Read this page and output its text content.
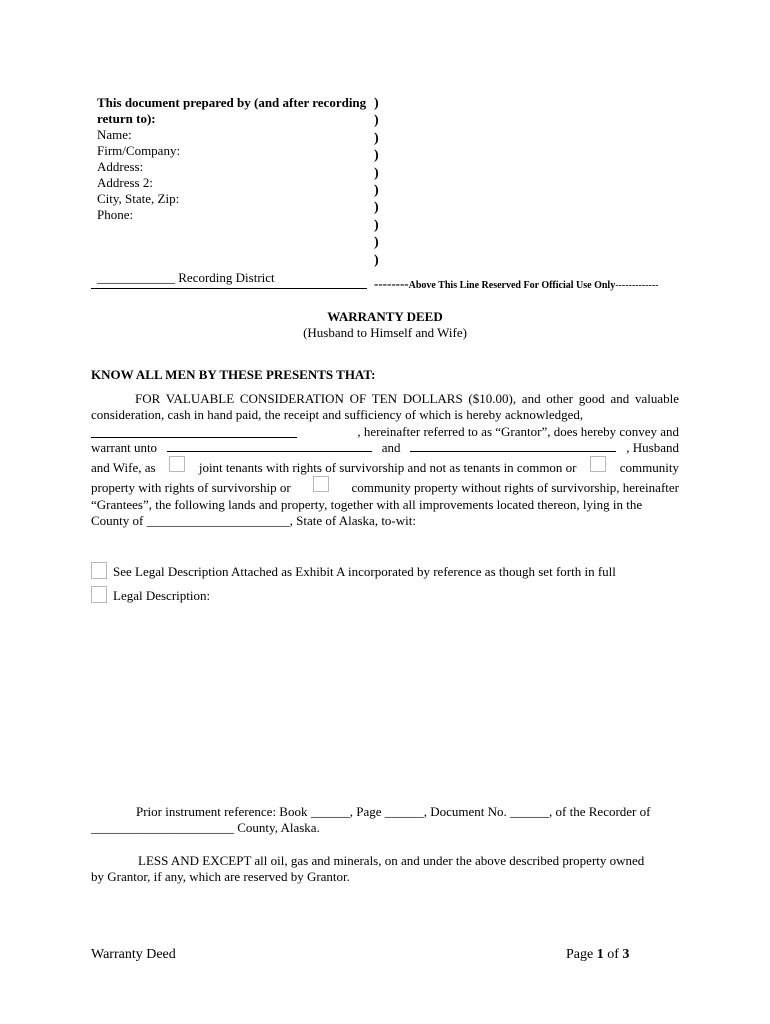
This document prepared by (and after recording
return to):
Name:
Firm/Company:
Address:
Address 2:
City, State, Zip:
Phone:
)
)
)
)
)
)
)
)
)
)
____________ Recording District	--------Above This Line Reserved For Official Use Only-------------
WARRANTY DEED
(Husband to Himself and Wife)
KNOW ALL MEN BY THESE PRESENTS THAT:

FOR VALUABLE CONSIDERATION OF TEN DOLLARS ($10.00), and other good and valuable consideration, cash in hand paid, the receipt and sufficiency of which is hereby acknowledged,

, hereinafter referred to as “Grantor”, does hereby convey and

warrant unto	and	, Husband

and Wife, as	joint tenants with rights of survivorship and not as tenants in common or	community

property with rights of survivorship or	community property without rights of survivorship, hereinafter

“Grantees”, the following lands and property, together with all improvements located thereon, lying in the

County of ______________________, State of Alaska, to-wit:

See Legal Description Attached as Exhibit A incorporated by reference as though set forth in full
Legal Description:

Prior instrument reference: Book ______, Page ______, Document No. ______, of the Recorder of

______________________ County, Alaska.

LESS AND EXCEPT all oil, gas and minerals, on and under the above described property owned

by Grantor, if any, which are reserved by Grantor.

Warranty Deed	Page 1 of 3
